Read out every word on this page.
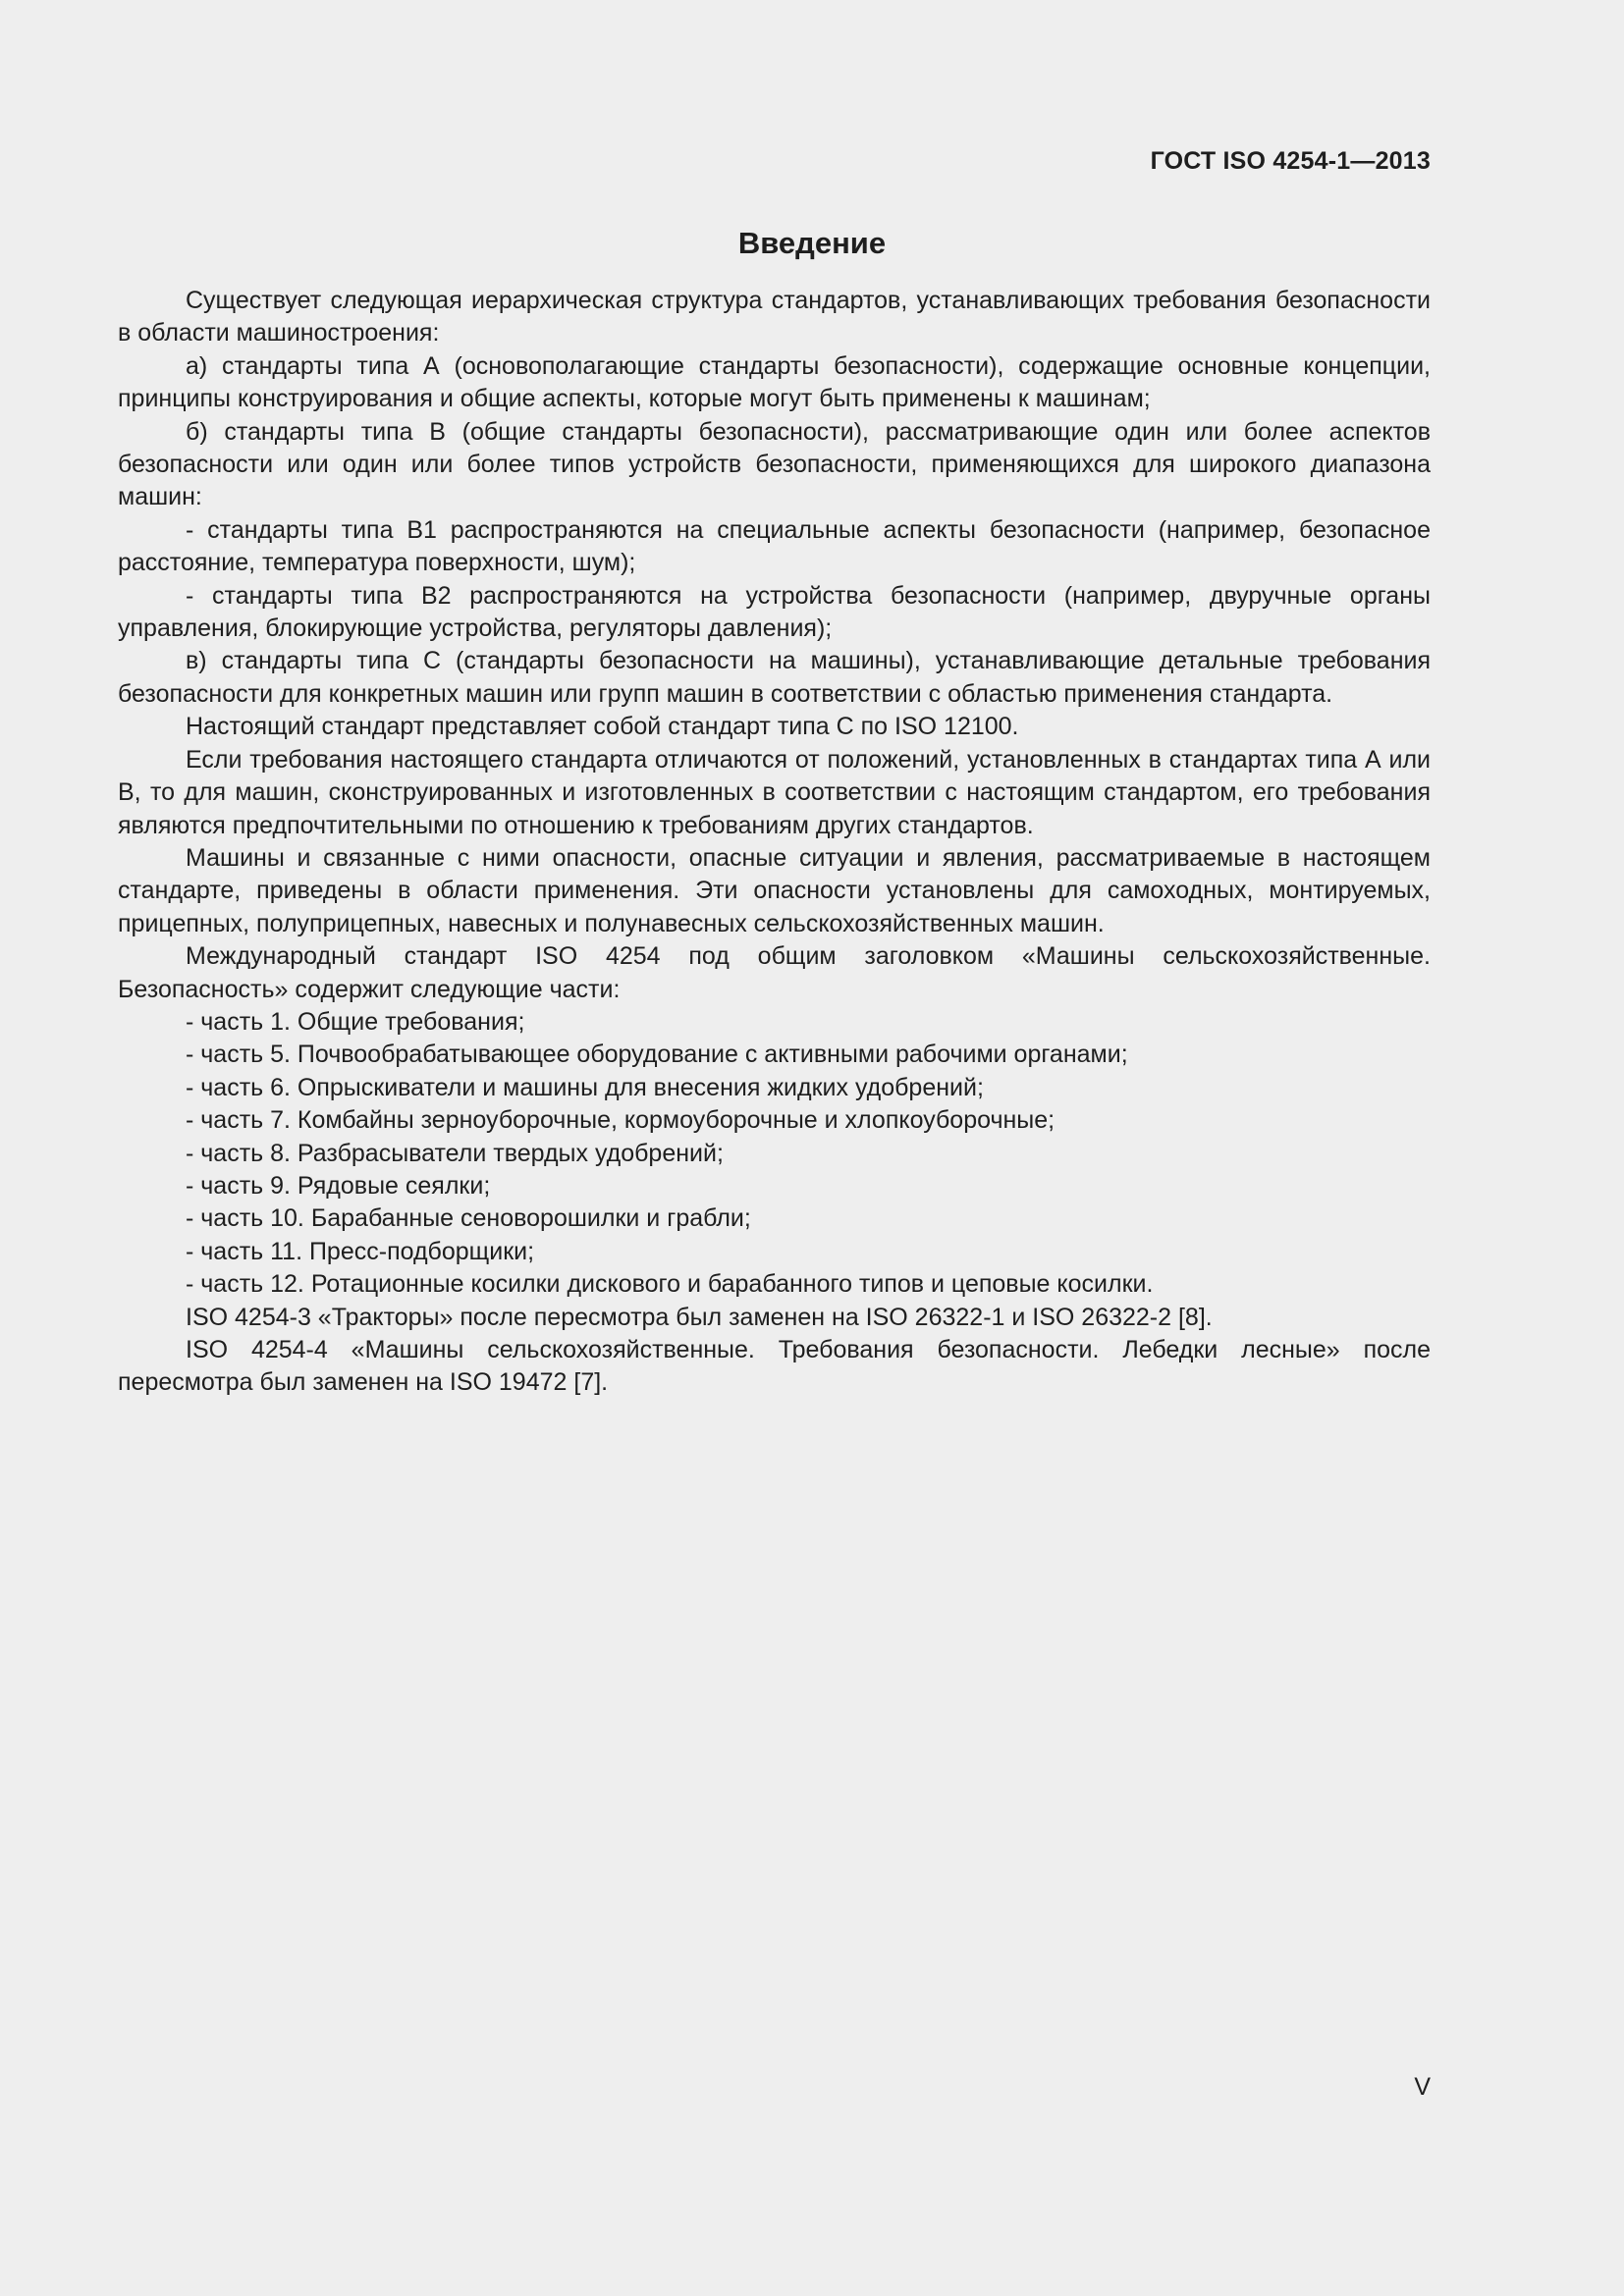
ГОСТ ISO 4254-1—2013
Введение

Существует следующая иерархическая структура стандартов, устанавливающих требования безопасности в области машиностроения:

а) стандарты типа А (основополагающие стандарты безопасности), содержащие основные концепции, принципы конструирования и общие аспекты, которые могут быть применены к машинам;

б) стандарты типа В (общие стандарты безопасности), рассматривающие один или более аспектов безопасности или один или более типов устройств безопасности, применяющихся для широкого диапазона машин:

- стандарты типа В1 распространяются на специальные аспекты безопасности (например, безопасное расстояние, температура поверхности, шум);

- стандарты типа В2 распространяются на устройства безопасности (например, двуручные органы управления, блокирующие устройства, регуляторы давления);

в) стандарты типа С (стандарты безопасности на машины), устанавливающие детальные требования безопасности для конкретных машин или групп машин в соответствии с областью применения стандарта.

Настоящий стандарт представляет собой стандарт типа С по ISO 12100.

Если требования настоящего стандарта отличаются от положений, установленных в стандартах типа А или В, то для машин, сконструированных и изготовленных в соответствии с настоящим стандартом, его требования являются предпочтительными по отношению к требованиям других стандартов.

Машины и связанные с ними опасности, опасные ситуации и явления, рассматриваемые в настоящем стандарте, приведены в области применения. Эти опасности установлены для самоходных, монтируемых, прицепных, полуприцепных, навесных и полунавесных сельскохозяйственных машин.

Международный стандарт ISO 4254 под общим заголовком «Машины сельскохозяйственные. Безопасность» содержит следующие части:

- часть 1. Общие требования;

- часть 5. Почвообрабатывающее оборудование с активными рабочими органами;

- часть 6. Опрыскиватели и машины для внесения жидких удобрений;

- часть 7. Комбайны зерноуборочные, кормоуборочные и хлопкоуборочные;

- часть 8. Разбрасыватели твердых удобрений;

- часть 9. Рядовые сеялки;

- часть 10. Барабанные сеноворошилки и грабли;

- часть 11. Пресс-подборщики;

- часть 12. Ротационные косилки дискового и барабанного типов и цеповые косилки.

ISO 4254-3 «Тракторы» после пересмотра был заменен на ISO 26322-1 и ISO 26322-2 [8].

ISO 4254-4 «Машины сельскохозяйственные. Требования безопасности. Лебедки лесные» после пересмотра был заменен на ISO 19472 [7].

V
